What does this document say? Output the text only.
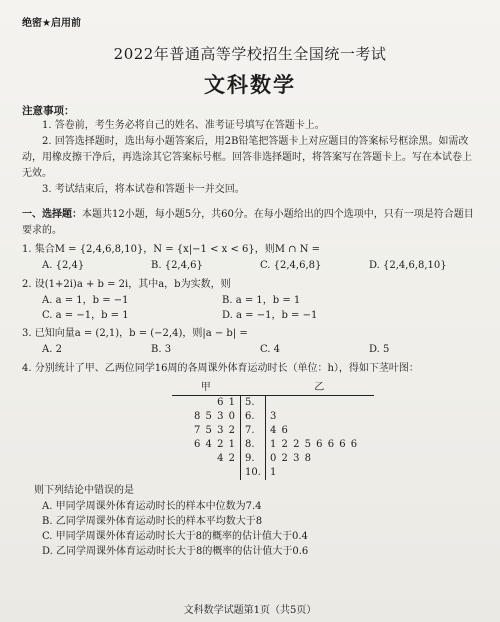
绝密★启用前
2022年普通高等学校招生全国统一考试
文科数学
注意事项：
1. 答卷前，考生务必将自己的姓名、准考证号填写在答题卡上。
2. 回答选择题时，选出每小题答案后，用2B铅笔把答题卡上对应题目的答案标号框涂黑。如需改动，用橡皮擦干净后，再选涂其它答案标号框。回答非选择题时，将答案写在答题卡上。写在本试卷上无效。
3. 考试结束后，将本试卷和答题卡一并交回。
一、选择题：本题共12小题，每小题5分，共60分。在每小题给出的四个选项中，只有一项是符合题目要求的。
1. 集合M = {2,4,6,8,10}，N = {x|−1 < x < 6}，则M ∩ N =
A. {2,4}	B. {2,4,6}	C. {2,4,6,8}	D. {2,4,6,8,10}
2. 设(1+2i)a + b = 2i，其中a，b为实数，则
A. a = 1，b = −1	B. a = 1，b = 1
C. a = −1，b = 1	D. a = −1，b = −1
3. 已知向量a = (2,1)，b = (−2,4)，则|a − b| =
A. 2	B. 3	C. 4	D. 5
4. 分别统计了甲、乙两位同学16周的各周课外体育运动时长（单位：h），得如下茎叶图：
甲		乙
6 1	5.	
8 5 3 0	6.	3
7 5 3 2	7.	4 6
6 4 2 1	8.	1 2 2 5 6 6 6 6
4 2	9.	0 2 3 8
	10.	1
则下列结论中错误的是
A. 甲同学周课外体育运动时长的样本中位数为7.4
B. 乙同学周课外体育运动时长的样本平均数大于8
C. 甲同学周课外体育运动时长大于8的概率的估计值大于0.4
D. 乙同学周课外体育运动时长大于8的概率的估计值大于0.6
文科数学试题第1页（共5页）
